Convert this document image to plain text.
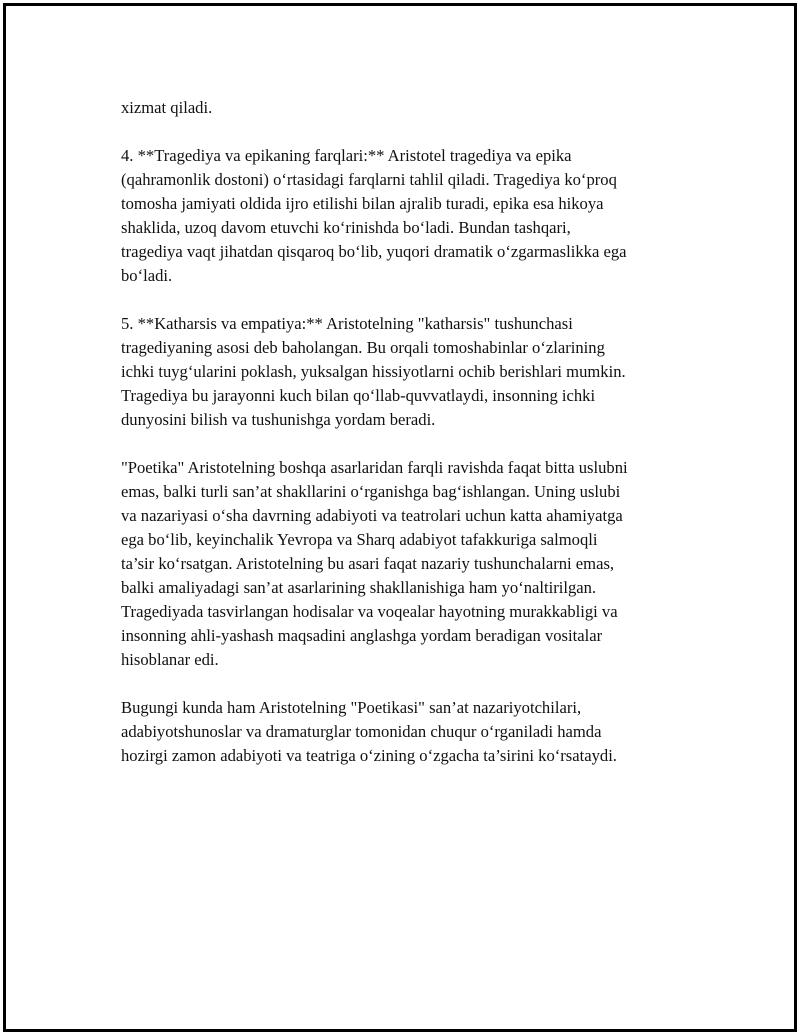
xizmat qiladi.

4. **Tragediya va epikaning farqlari:** Aristotel tragediya va epika
(qahramonlik dostoni) oʻrtasidagi farqlarni tahlil qiladi. Tragediya koʻproq
tomosha jamiyati oldida ijro etilishi bilan ajralib turadi, epika esa hikoya
shaklida, uzoq davom etuvchi koʻrinishda boʻladi. Bundan tashqari,
tragediya vaqt jihatdan qisqaroq boʻlib, yuqori dramatik oʻzgarmaslikka ega
boʻladi.

5. **Katharsis va empatiya:** Aristotelning "katharsis" tushunchasi
tragediyaning asosi deb baholangan. Bu orqali tomoshabinlar oʻzlarining
ichki tuygʻularini poklash, yuksalgan hissiyotlarni ochib berishlari mumkin.
Tragediya bu jarayonni kuch bilan qoʻllab-quvvatlaydi, insonning ichki
dunyosini bilish va tushunishga yordam beradi.

"Poetika" Aristotelning boshqa asarlaridan farqli ravishda faqat bitta uslubni
emas, balki turli san’at shakllarini oʻrganishga bagʻishlangan. Uning uslubi
va nazariyasi oʻsha davrning adabiyoti va teatrolari uchun katta ahamiyatga
ega boʻlib, keyinchalik Yevropa va Sharq adabiyot tafakkuriga salmoqli
ta’sir koʻrsatgan. Aristotelning bu asari faqat nazariy tushunchalarni emas,
balki amaliyadagi san’at asarlarining shakllanishiga ham yoʻnaltirilgan.
Tragediyada tasvirlangan hodisalar va voqealar hayotning murakkabligi va
insonning ahli-yashash maqsadini anglashga yordam beradigan vositalar
hisoblanar edi.

Bugungi kunda ham Aristotelning "Poetikasi" san’at nazariyotchilari,
adabiyotshunoslar va dramaturglar tomonidan chuqur oʻrganiladi hamda
hozirgi zamon adabiyoti va teatriga oʻzining oʻzgacha ta’sirini koʻrsataydi.
